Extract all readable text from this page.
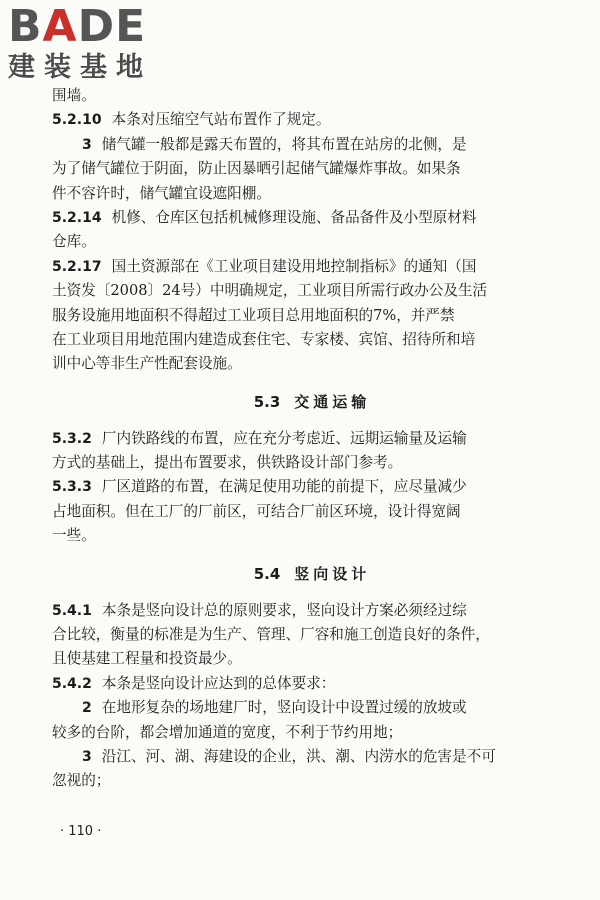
BADE
建装基地
围墙。
5.2.10 本条对压缩空气站布置作了规定。
3 储气罐一般都是露天布置的，将其布置在站房的北侧，是
为了储气罐位于阴面，防止因暴晒引起储气罐爆炸事故。如果条
件不容许时，储气罐宜设遮阳棚。
5.2.14 机修、仓库区包括机械修理设施、备品备件及小型原材料
仓库。
5.2.17 国土资源部在《工业项目建设用地控制指标》的通知（国
土资发〔2008〕24号）中明确规定，工业项目所需行政办公及生活
服务设施用地面积不得超过工业项目总用地面积的7%，并严禁
在工业项目用地范围内建造成套住宅、专家楼、宾馆、招待所和培
训中心等非生产性配套设施。
5.3 交通运输
5.3.2 厂内铁路线的布置，应在充分考虑近、远期运输量及运输
方式的基础上，提出布置要求，供铁路设计部门参考。
5.3.3 厂区道路的布置，在满足使用功能的前提下，应尽量减少
占地面积。但在工厂的厂前区，可结合厂前区环境，设计得宽阔
一些。
5.4 竖向设计
5.4.1 本条是竖向设计总的原则要求，竖向设计方案必须经过综
合比较，衡量的标准是为生产、管理、厂容和施工创造良好的条件，
且使基建工程量和投资最少。
5.4.2 本条是竖向设计应达到的总体要求：
2 在地形复杂的场地建厂时，竖向设计中设置过缓的放坡或
较多的台阶，都会增加通道的宽度，不利于节约用地；
3 沿江、河、湖、海建设的企业，洪、潮、内涝水的危害是不可
忽视的；
· 110 ·
